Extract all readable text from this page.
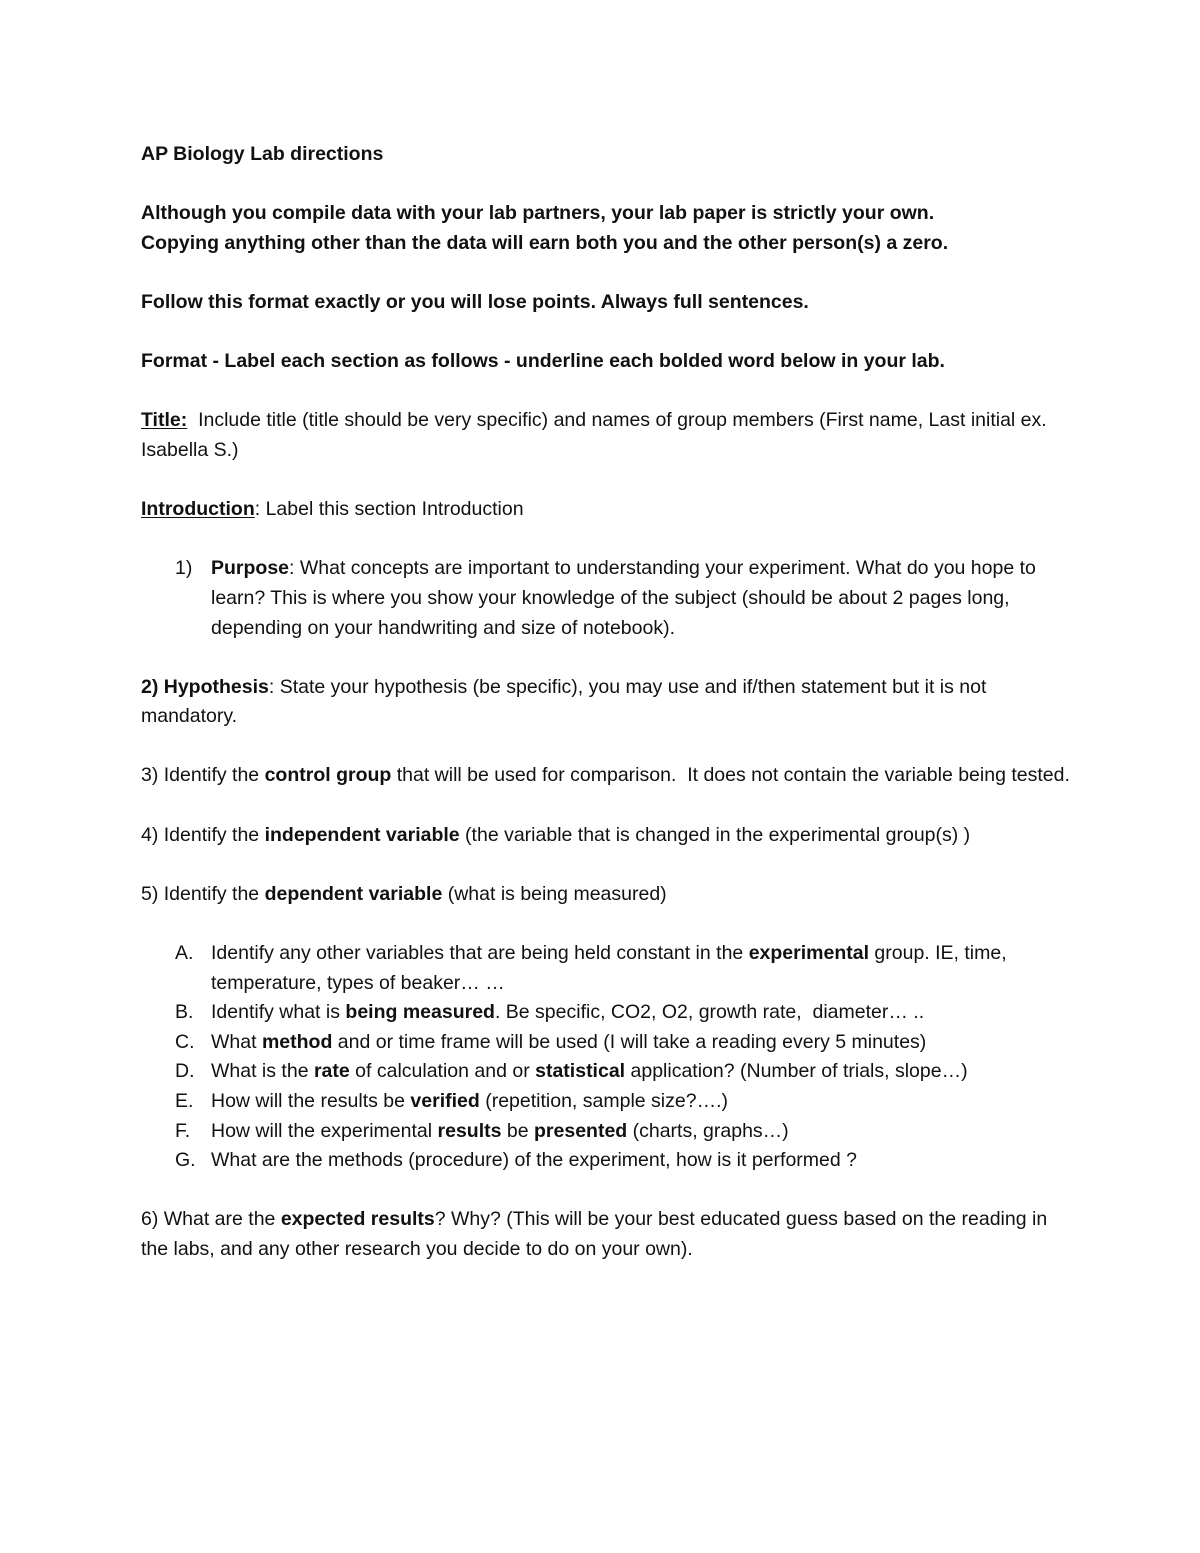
AP Biology Lab directions

Although you compile data with your lab partners, your lab paper is strictly your own.

Copying anything other than the data will earn both you and the other person(s) a zero.

Follow this format exactly or you will lose points. Always full sentences.

Format - Label each section as follows - underline each bolded word below in your lab.

Title:  Include title (title should be very specific) and names of group members (First name, Last initial ex. Isabella S.)

Introduction: Label this section Introduction

1) Purpose: What concepts are important to understanding your experiment. What do you hope to learn? This is where you show your knowledge of the subject (should be about 2 pages long, depending on your handwriting and size of notebook).

2) Hypothesis: State your hypothesis (be specific), you may use and if/then statement but it is not mandatory.

3) Identify the control group that will be used for comparison.  It does not contain the variable being tested.

4) Identify the independent variable (the variable that is changed in the experimental group(s) )

5) Identify the dependent variable (what is being measured)

A. Identify any other variables that are being held constant in the experimental group. IE, time, temperature, types of beaker… …
B. Identify what is being measured. Be specific, CO2, O2, growth rate,  diameter… ..
C. What method and or time frame will be used (I will take a reading every 5 minutes)
D. What is the rate of calculation and or statistical application? (Number of trials, slope…)
E. How will the results be verified (repetition, sample size?….)
F. How will the experimental results be presented (charts, graphs…)
G. What are the methods (procedure) of the experiment, how is it performed ?

6) What are the expected results? Why? (This will be your best educated guess based on the reading in the labs, and any other research you decide to do on your own).
